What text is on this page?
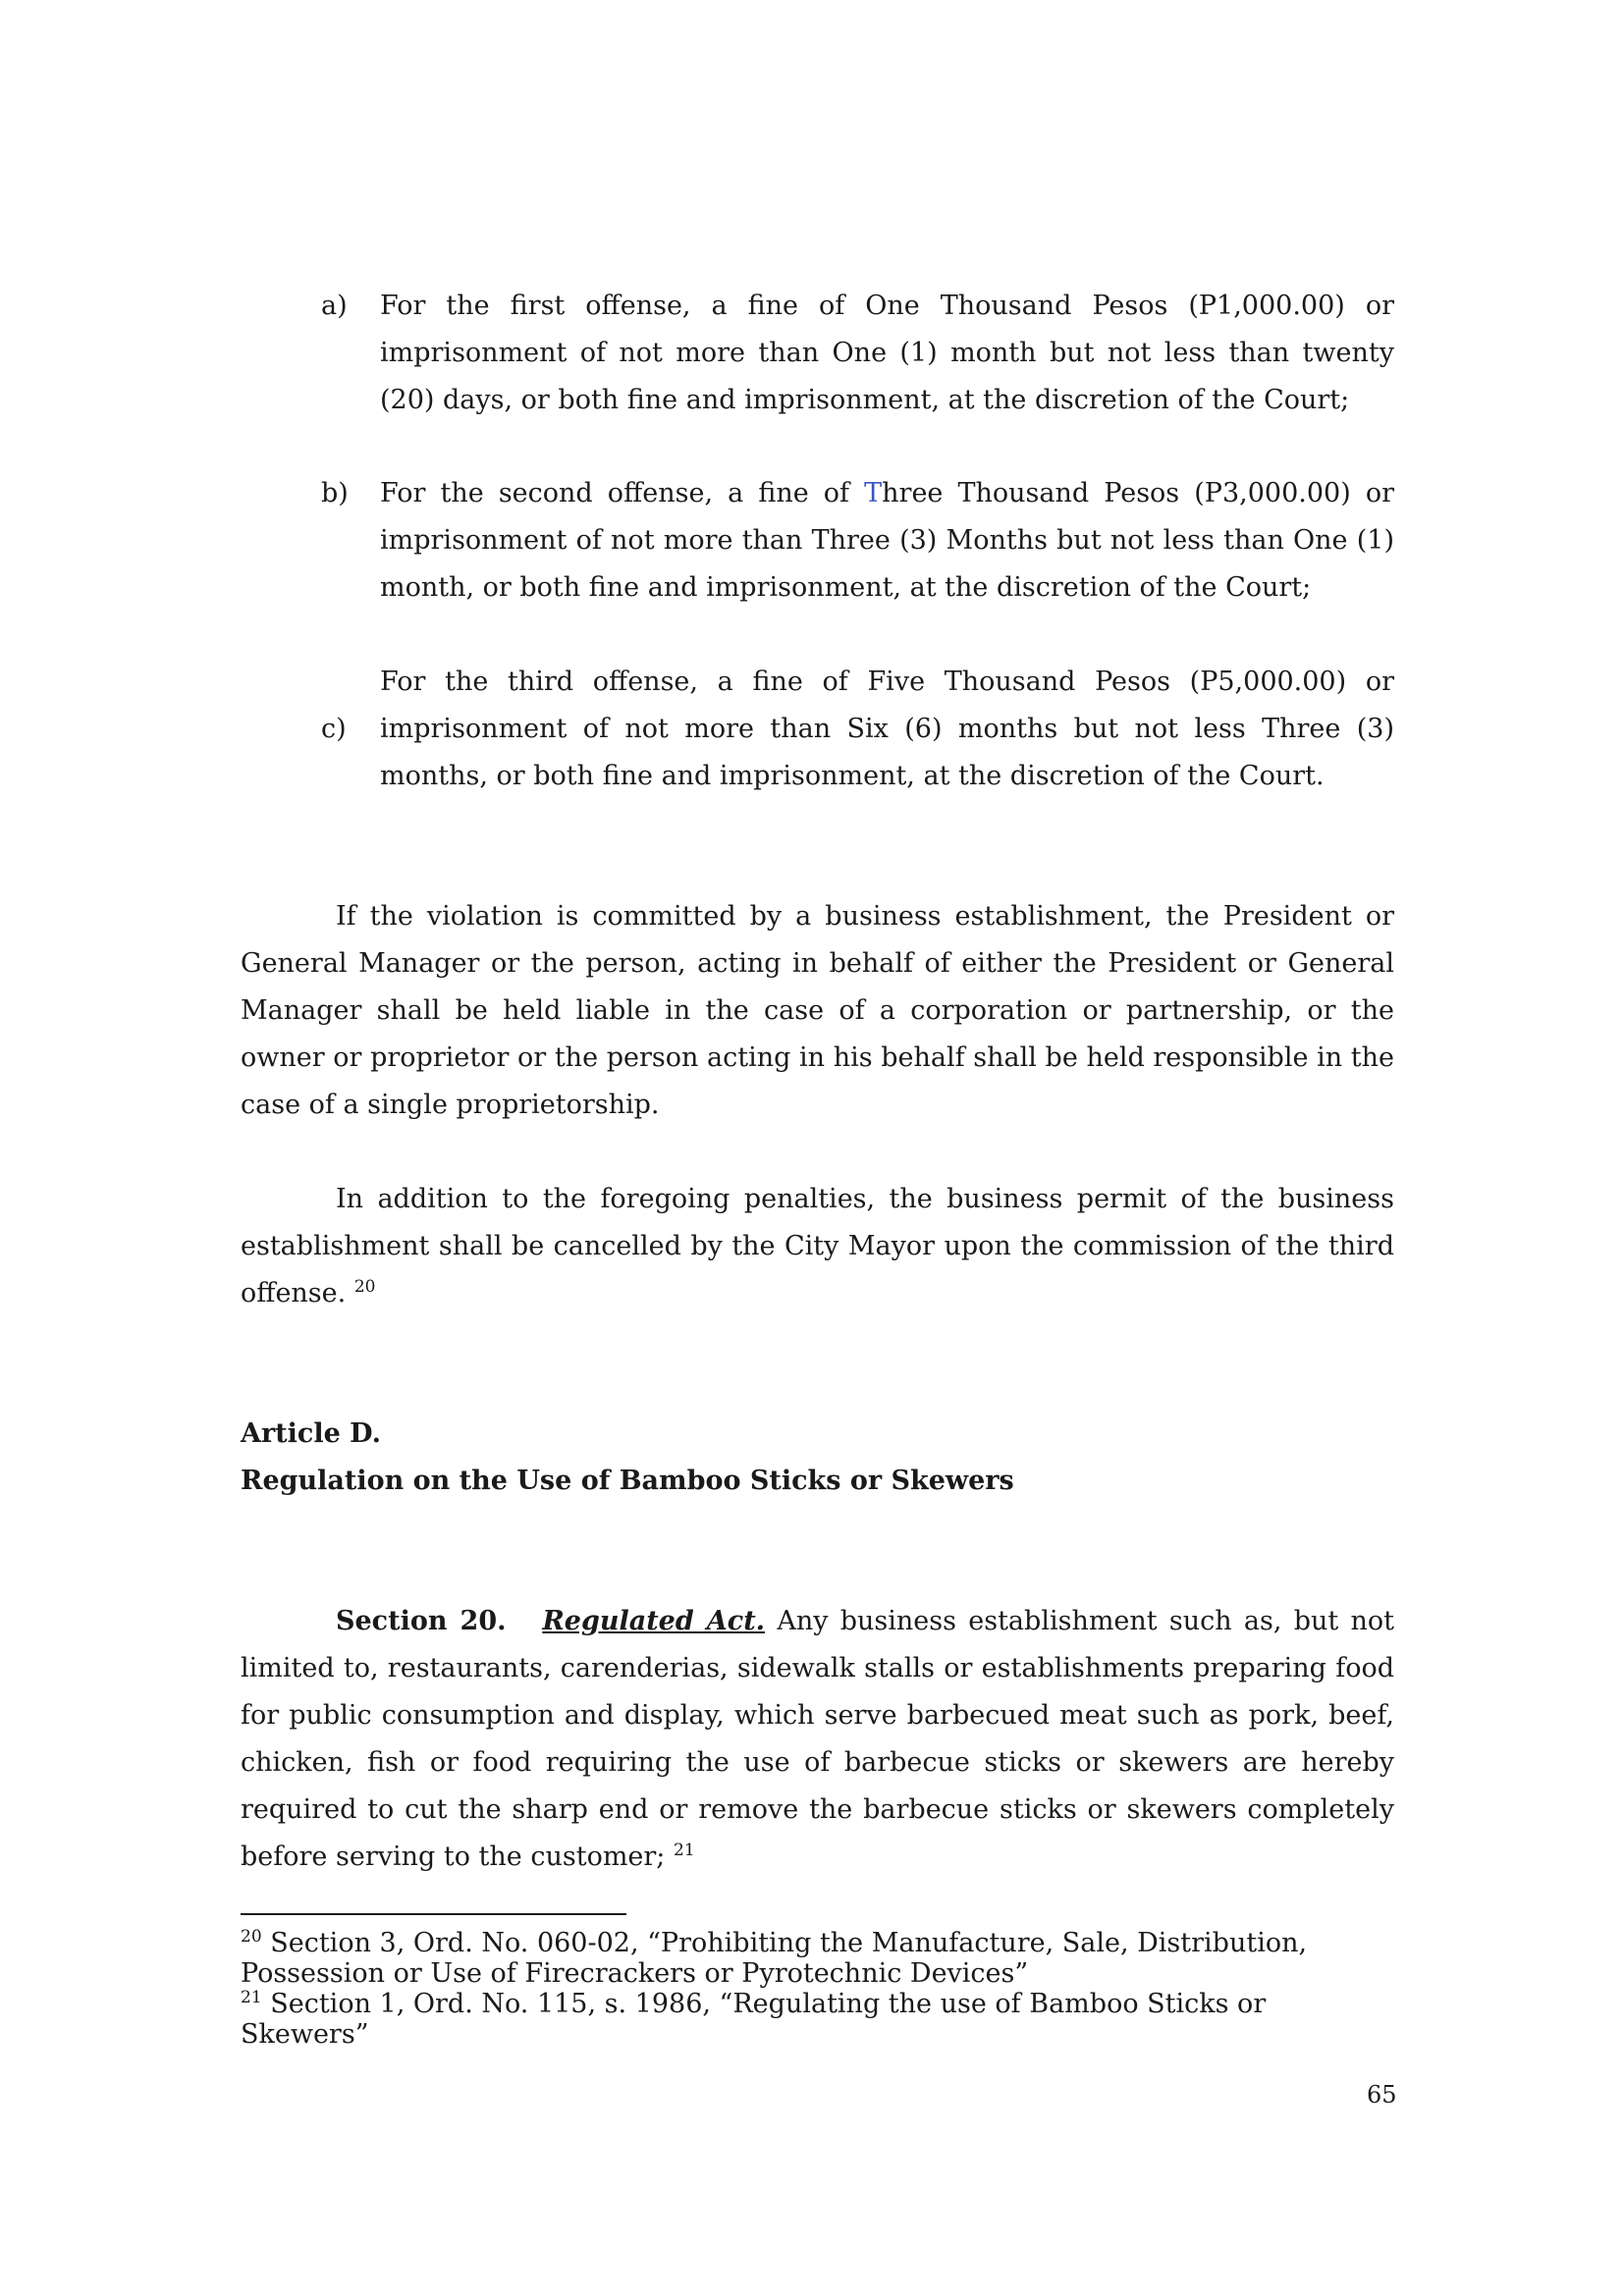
a)	For the first offense, a fine of One Thousand Pesos (P1,000.00) or imprisonment of not more than One (1) month but not less than twenty (20) days, or both fine and imprisonment, at the discretion of the Court;
b)	For the second offense, a fine of Three Thousand Pesos (P3,000.00) or imprisonment of not more than Three (3) Months but not less than One (1) month, or both fine and imprisonment, at the discretion of the Court;
c)
For the third offense, a fine of Five Thousand Pesos (P5,000.00) or imprisonment of not more than Six (6) months but not less Three (3) months, or both fine and imprisonment, at the discretion of the Court.
If the violation is committed by a business establishment, the President or General Manager or the person, acting in behalf of either the President or General Manager shall be held liable in the case of a corporation or partnership, or the owner or proprietor or the person acting in his behalf shall be held responsible in the case of a single proprietorship.
In addition to the foregoing penalties, the business permit of the business establishment shall be cancelled by the City Mayor upon the commission of the third offense. $^{20}$
Article D.
Regulation on the Use of Bamboo Sticks or Skewers
Section 20. Regulated Act. Any business establishment such as, but not limited to, restaurants, carenderias, sidewalk stalls or establishments preparing food for public consumption and display, which serve barbecued meat such as pork, beef, chicken, fish or food requiring the use of barbecue sticks or skewers are hereby required to cut the sharp end or remove the barbecue sticks or skewers completely before serving to the customer; $^{21}$
$^{20}$ Section 3, Ord. No. 060-02, “Prohibiting the Manufacture, Sale, Distribution,
Possession or Use of Firecrackers or Pyrotechnic Devices”
$^{21}$ Section 1, Ord. No. 115, s. 1986, “Regulating the use of Bamboo Sticks or Skewers”
65
